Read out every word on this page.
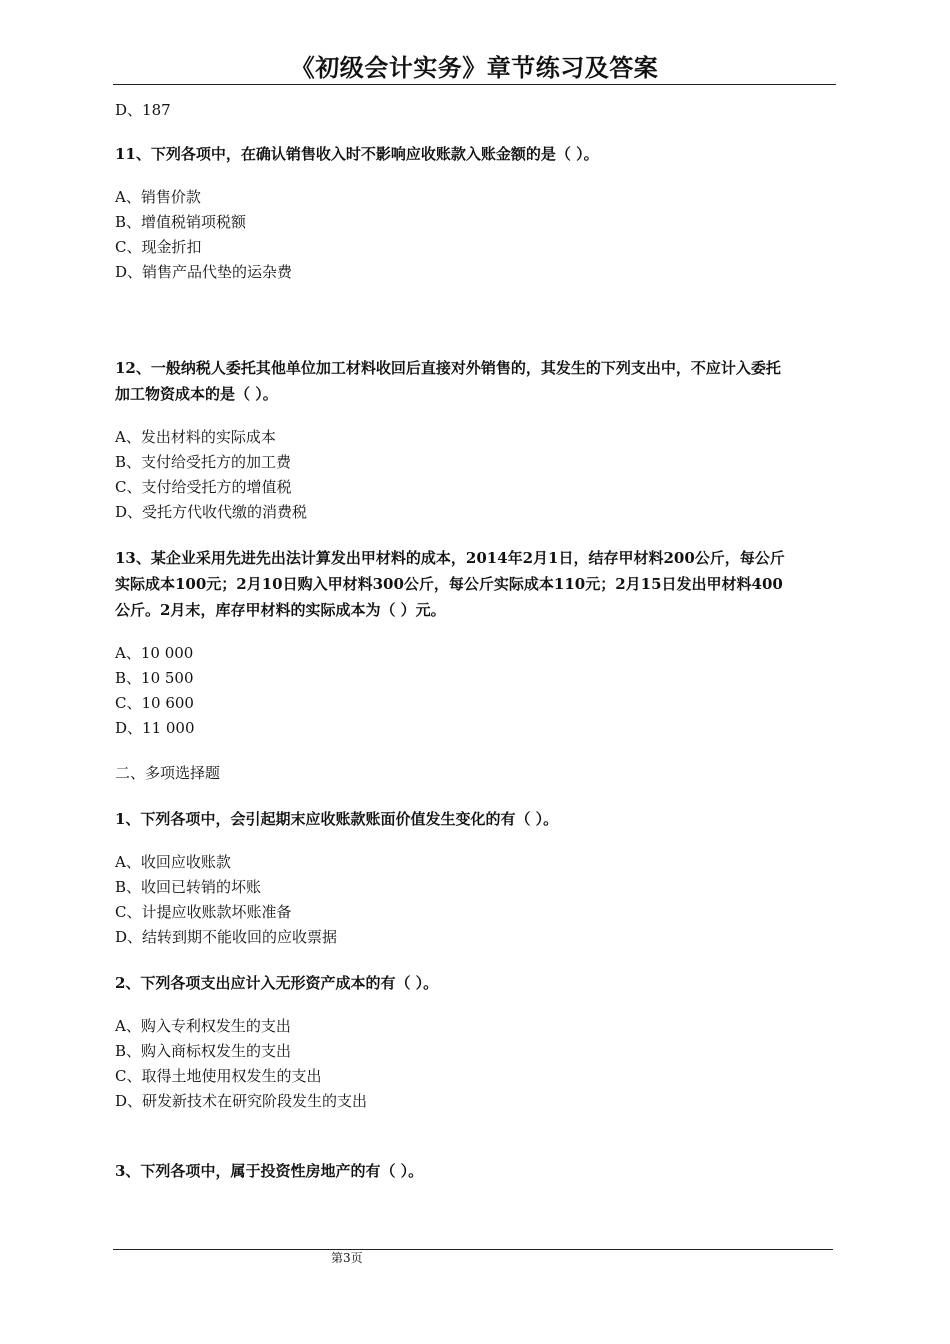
《初级会计实务》章节练习及答案
D、187
11、下列各项中，在确认销售收入时不影响应收账款入账金额的是（ ）。
A、销售价款
B、增值税销项税额
C、现金折扣
D、销售产品代垫的运杂费
12、一般纳税人委托其他单位加工材料收回后直接对外销售的，其发生的下列支出中，不应计入委托
加工物资成本的是（ ）。
A、发出材料的实际成本
B、支付给受托方的加工费
C、支付给受托方的增值税
D、受托方代收代缴的消费税
13、某企业采用先进先出法计算发出甲材料的成本，2014年2月1日，结存甲材料200公斤，每公斤
实际成本100元；2月10日购入甲材料300公斤，每公斤实际成本110元；2月15日发出甲材料400
公斤。2月末，库存甲材料的实际成本为（ ）元。
A、10 000
B、10 500
C、10 600
D、11 000
二、多项选择题
1、下列各项中，会引起期末应收账款账面价值发生变化的有（ ）。
A、收回应收账款
B、收回已转销的坏账
C、计提应收账款坏账准备
D、结转到期不能收回的应收票据
2、下列各项支出应计入无形资产成本的有（ ）。
A、购入专利权发生的支出
B、购入商标权发生的支出
C、取得土地使用权发生的支出
D、研发新技术在研究阶段发生的支出
3、下列各项中，属于投资性房地产的有（ ）。
第3页
